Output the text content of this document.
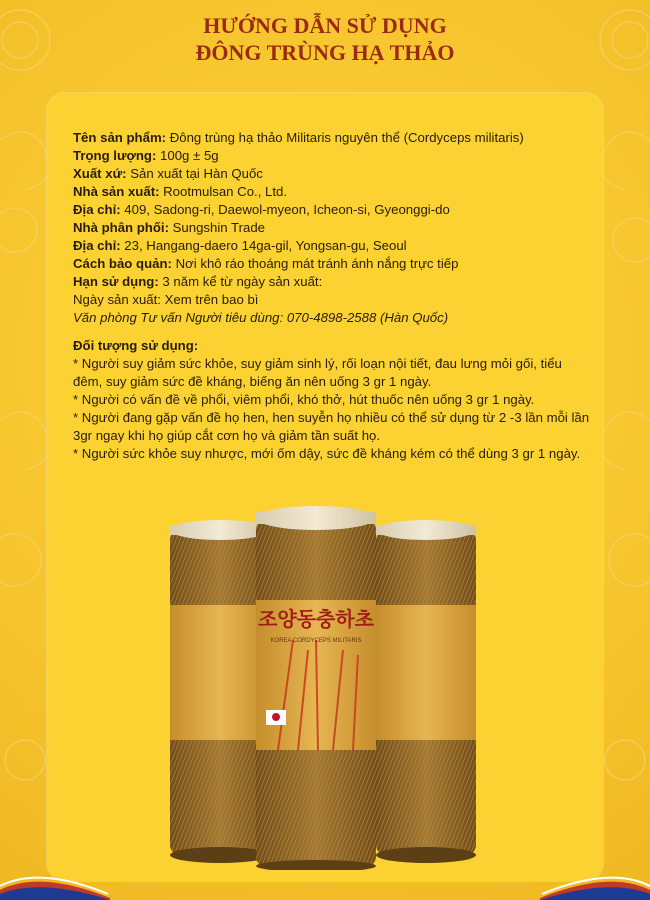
HƯỚNG DẪN SỬ DỤNG
ĐÔNG TRÙNG HẠ THẢO
Tên sản phẩm: Đông trùng hạ thảo Militaris nguyên thể (Cordyceps militaris)
Trọng lượng: 100g ± 5g
Xuất xứ: Sản xuất tại Hàn Quốc
Nhà sản xuất: Rootmulsan Co., Ltd.
Địa chỉ: 409, Sadong-ri, Daewol-myeon, Icheon-si, Gyeonggi-do
Nhà phân phối: Sungshin Trade
Địa chỉ: 23, Hangang-daero 14ga-gil, Yongsan-gu, Seoul
Cách bảo quản: Nơi khô ráo thoáng mát tránh ánh nắng trực tiếp
Hạn sử dụng: 3 năm kể từ ngày sản xuất:
Ngày sản xuất: Xem trên bao bì
Văn phòng Tư vấn Người tiêu dùng: 070-4898-2588 (Hàn Quốc)
Đối tượng sử dụng:

* Người suy giảm sức khỏe, suy giảm sinh lý, rối loạn nội tiết, đau lưng mỏi gối, tiểu đêm, suy giảm sức đề kháng, biếng ăn nên uống 3 gr 1 ngày.

* Người có vấn đề về phổi, viêm phổi, khó thở, hút thuốc nên uống 3 gr 1 ngày.

* Người đang gặp vấn đề họ hen, hen suyễn họ nhiều có thể sử dụng từ 2 -3 lần mỗi lần 3gr ngay khi họ giúp cắt cơn họ và giảm tần suất họ.

* Người sức khỏe suy nhược, mới ốm dậy, sức đề kháng kém có thể dùng 3 gr 1 ngày.

조양동충하초
KOREA CORDYCEPS MILITARIS
